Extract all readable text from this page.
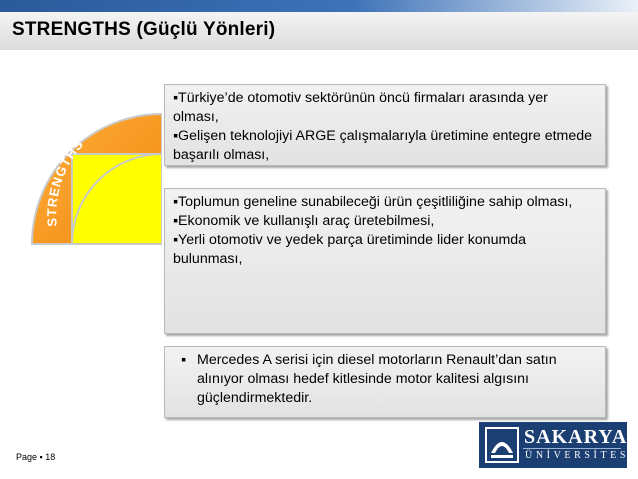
STRENGTHS (Güçlü Yönleri)
STRENGTHS
▪Türkiye’de otomotiv sektörünün öncü firmaları arasında yer olması,
▪Gelişen teknolojiyi ARGE çalışmalarıyla üretimine entegre etmede başarılı olması,
▪Toplumun geneline sunabileceği ürün çeşitliliğine sahip olması,
▪Ekonomik ve kullanışlı araç üretebilmesi,
▪Yerli otomotiv ve yedek parça üretiminde lider konumda bulunması,
▪ Mercedes A serisi için diesel motorların Renault’dan satın alınıyor olması hedef kitlesinde motor kalitesi algısını güçlendirmektedir.
Page ▪ 18
SAKARYA
ÜNİVERSİTESİ
